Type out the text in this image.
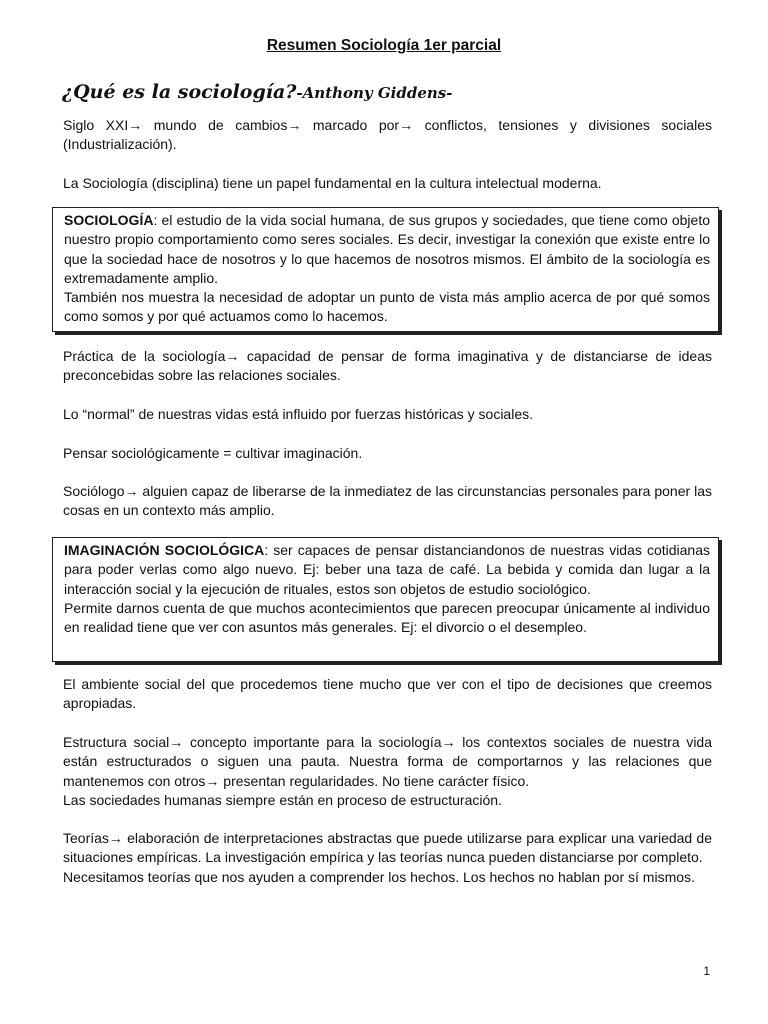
Resumen Sociología 1er parcial
¿Qué es la sociología?-Anthony Giddens-

Siglo XXI→ mundo de cambios→ marcado por→ conflictos, tensiones y divisiones sociales (Industrialización).

La Sociología (disciplina) tiene un papel fundamental en la cultura intelectual moderna.

SOCIOLOGÍA: el estudio de la vida social humana, de sus grupos y sociedades, que tiene como objeto nuestro propio comportamiento como seres sociales. Es decir, investigar la conexión que existe entre lo que la sociedad hace de nosotros y lo que hacemos de nosotros mismos. El ámbito de la sociología es extremadamente amplio.

También nos muestra la necesidad de adoptar un punto de vista más amplio acerca de por qué somos como somos y por qué actuamos como lo hacemos.

Práctica de la sociología→ capacidad de pensar de forma imaginativa y de distanciarse de ideas preconcebidas sobre las relaciones sociales.

Lo “normal” de nuestras vidas está influido por fuerzas históricas y sociales.

Pensar sociológicamente = cultivar imaginación.

Sociólogo→ alguien capaz de liberarse de la inmediatez de las circunstancias personales para poner las cosas en un contexto más amplio.

IMAGINACIÓN SOCIOLÓGICA: ser capaces de pensar distanciandonos de nuestras vidas cotidianas para poder verlas como algo nuevo. Ej: beber una taza de café. La bebida y comida dan lugar a la interacción social y la ejecución de rituales, estos son objetos de estudio sociológico.

Permite darnos cuenta de que muchos acontecimientos que parecen preocupar únicamente al individuo en realidad tiene que ver con asuntos más generales. Ej: el divorcio o el desempleo.

El ambiente social del que procedemos tiene mucho que ver con el tipo de decisiones que creemos apropiadas.

Estructura social→ concepto importante para la sociología→ los contextos sociales de nuestra vida están estructurados o siguen una pauta. Nuestra forma de comportarnos y las relaciones que mantenemos con otros→ presentan regularidades. No tiene carácter físico.

Las sociedades humanas siempre están en proceso de estructuración.

Teorías→ elaboración de interpretaciones abstractas que puede utilizarse para explicar una variedad de situaciones empíricas. La investigación empírica y las teorías nunca pueden distanciarse por completo.

Necesitamos teorías que nos ayuden a comprender los hechos. Los hechos no hablan por sí mismos.

1
